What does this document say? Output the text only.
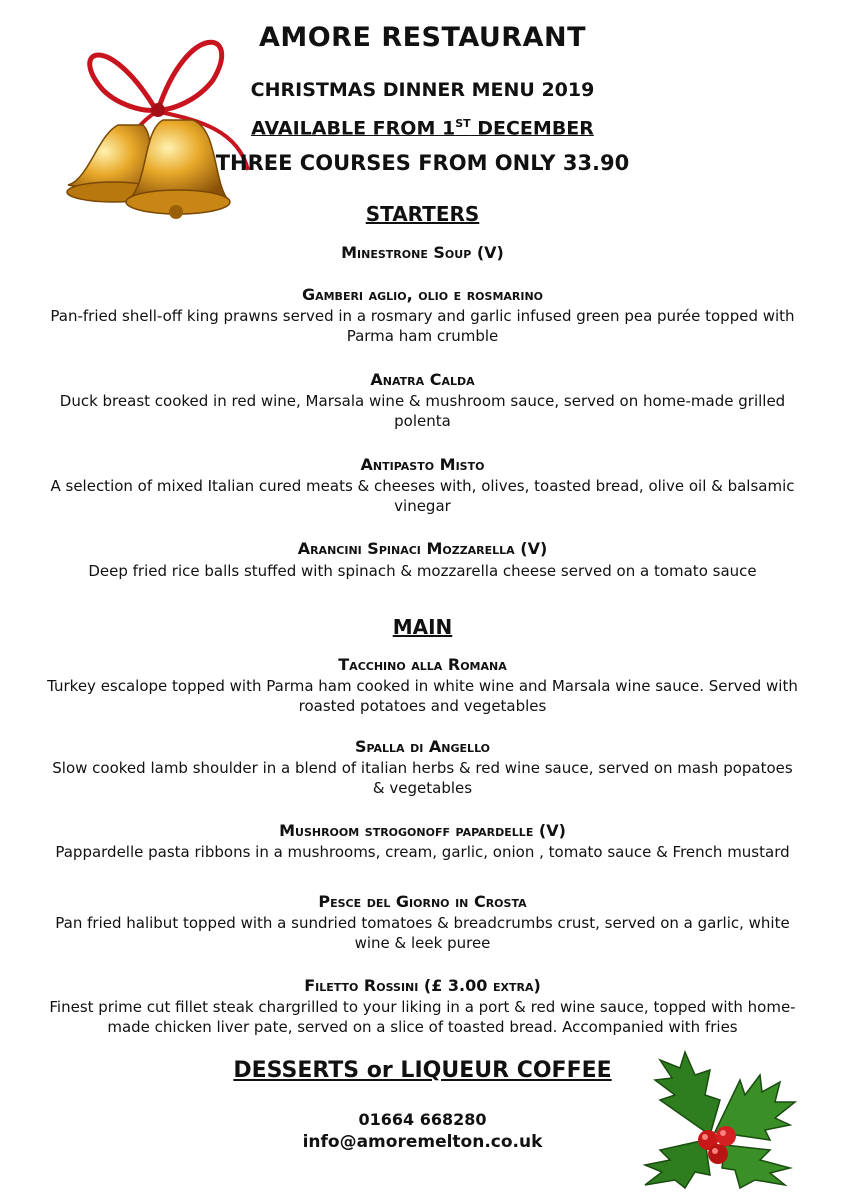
AMORE RESTAURANT
CHRISTMAS DINNER MENU 2019
AVAILABLE FROM 1ST DECEMBER
THREE COURSES FROM ONLY 33.90
STARTERS
Minestrone Soup (V)
Gamberi aglio, olio e rosmarino
Pan-fried shell-off king prawns served in a rosmary and garlic infused green pea purée topped with Parma ham crumble
Anatra Calda
Duck breast cooked in red wine, Marsala wine & mushroom sauce, served on home-made grilled polenta
Antipasto Misto
A selection of mixed Italian cured meats & cheeses with, olives, toasted bread, olive oil & balsamic vinegar
Arancini Spinaci Mozzarella (V)
Deep fried rice balls stuffed with spinach & mozzarella cheese served on a tomato sauce
MAIN
Tacchino alla Romana
Turkey escalope topped with Parma ham cooked in white wine and Marsala wine sauce. Served with roasted potatoes and vegetables
Spalla di Angello
Slow cooked lamb shoulder in a blend of italian herbs & red wine sauce, served on mash popatoes & vegetables
Mushroom strogonoff papardelle (V)
Pappardelle pasta ribbons in a mushrooms, cream, garlic, onion , tomato sauce & French mustard
Pesce del Giorno in Crosta
Pan fried halibut topped with a sundried tomatoes & breadcrumbs crust, served on a garlic, white wine & leek puree
Filetto Rossini (£ 3.00 extra)
Finest prime cut fillet steak chargrilled to your liking in a port & red wine sauce, topped with home-made chicken liver pate, served on a slice of toasted bread. Accompanied with fries
DESSERTS or LIQUEUR COFFEE
01664 668280
info@amoremelton.co.uk
